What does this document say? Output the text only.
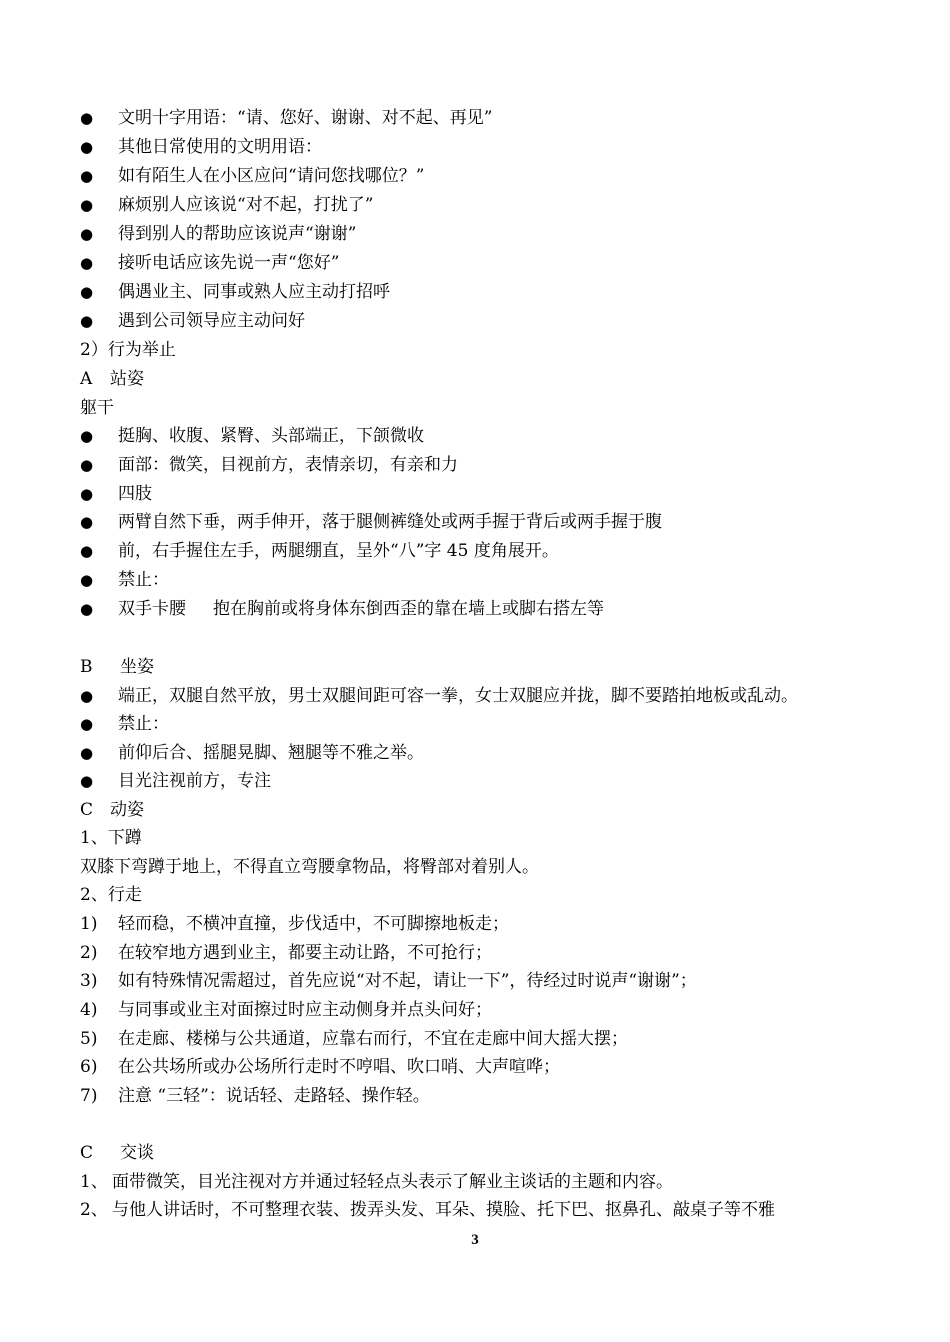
●	文明十字用语：“请、您好、谢谢、对不起、再见”
●	其他日常使用的文明用语：
●	如有陌生人在小区应问“请问您找哪位？”
●	麻烦别人应该说“对不起，打扰了”
●	得到别人的帮助应该说声“谢谢”
●	接听电话应该先说一声“您好”
●	偶遇业主、同事或熟人应主动打招呼
●	遇到公司领导应主动问好
2）行为举止
A 站姿
躯干
●	挺胸、收腹、紧臀、头部端正，下颌微收
●	面部：微笑，目视前方，表情亲切，有亲和力
●	四肢
●	两臂自然下垂，两手伸开，落于腿侧裤缝处或两手握于背后或两手握于腹
●	前，右手握住左手，两腿绷直，呈外“八”字 45 度角展开。
●	禁止：
●	双手卡腰     抱在胸前或将身体东倒西歪的靠在墙上或脚右搭左等
B 坐姿
●	端正，双腿自然平放，男士双腿间距可容一拳，女士双腿应并拢，脚不要踏拍地板或乱动。
●	禁止：
●	前仰后合、摇腿晃脚、翘腿等不雅之举。
●	目光注视前方，专注
C 动姿
1、下蹲
双膝下弯蹲于地上，不得直立弯腰拿物品，将臀部对着别人。
2、行走
1) 轻而稳，不横冲直撞，步伐适中，不可脚擦地板走；
2) 在较窄地方遇到业主，都要主动让路，不可抢行；
3) 如有特殊情况需超过，首先应说“对不起，请让一下”，待经过时说声“谢谢”；
4) 与同事或业主对面擦过时应主动侧身并点头问好；
5) 在走廊、楼梯与公共通道，应靠右而行，不宜在走廊中间大摇大摆；
6) 在公共场所或办公场所行走时不哼唱、吹口哨、大声喧哗；
7) 注意 “三轻”：说话轻、走路轻、操作轻。
C 交谈
1、 面带微笑，目光注视对方并通过轻轻点头表示了解业主谈话的主题和内容。
2、 与他人讲话时，不可整理衣装、拨弄头发、耳朵、摸脸、托下巴、抠鼻孔、敲桌子等不雅
3
